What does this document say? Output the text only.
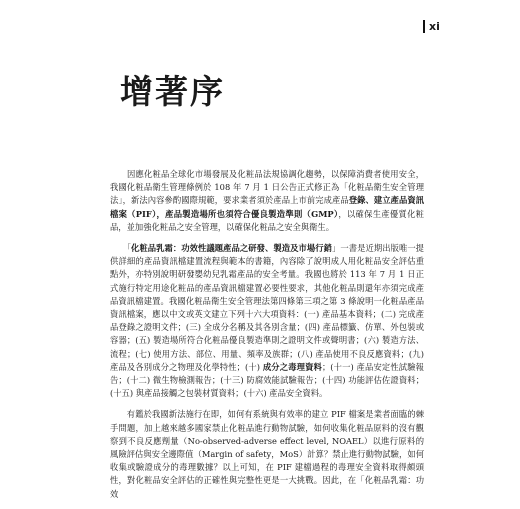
xi
增著序

　　因應化粧品全球化市場發展及化粧品法規協調化趨勢，以保障消費者使用安全，我國化粧品衛生管理條例於 108 年 7 月 1 日公告正式修正為「化粧品衛生安全管理法」，新法內容參酌國際規範，要求業者須於產品上市前完成產品登錄、建立產品資訊檔案（PIF），產品製造場所也須符合優良製造準則（GMP），以確保生產優質化粧品，並加強化粧品之安全管理，以確保化粧品之安全與衛生。

　　「化粧品乳霜：功效性議題產品之研發、製造及市場行銷」一書是近期出版唯一提供詳細的產品資訊檔建置流程與範本的書籍，內容除了說明成人用化粧品安全評估重點外，亦特別說明研發嬰幼兒乳霜產品的安全考量。我國也將於 113 年 7 月 1 日正式施行特定用途化粧品的產品資訊檔建置必要性要求，其他化粧品則還年亦須完成產品資訊檔建置。我國化粧品衛生安全管理法第四條第三項之第 3 條說明一化粧品產品資訊檔案，應以中文或英文建立下列十六大項資料：(一) 產品基本資料；(二) 完成產品登錄之證明文件；(三) 全成分名稱及其各別含量；(四) 產品標籤、仿單、外包裝或容器；(五) 製造場所符合化粧品優良製造準則之證明文件或聲明書；(六) 製造方法、流程；(七) 使用方法、部位、用量、頻率及族群；(八) 產品使用不良反應資料；(九) 產品及各別成分之物理及化學特性；(十) 成分之毒理資料；(十一) 產品安定性試驗報告；(十二) 微生物檢測報告；(十三) 防腐效能試驗報告；(十四) 功能評估佐證資料；(十五) 與產品接觸之包裝材質資料；(十六) 產品安全資料。

　　有鑑於我國新法施行在即，如何有系統與有效率的建立 PIF 檔案是業者面臨的棘手問題，加上越來越多國家禁止化粧品進行動物試驗，如何收集化粧品原料的沒有觀察到不良反應劑量（No-observed-adverse effect level, NOAEL）以進行原料的風險評估與安全邊際值（Margin of safety，MoS）計算？禁止進行動物試驗，如何收集或驗證成分的毒理數據？以上可知，在 PIF 建檔過程的毒理安全資料取得頗頭性，對化粧品安全評估的正確性與完整性更是一大挑戰。因此，在「化粧品乳霜：功效
